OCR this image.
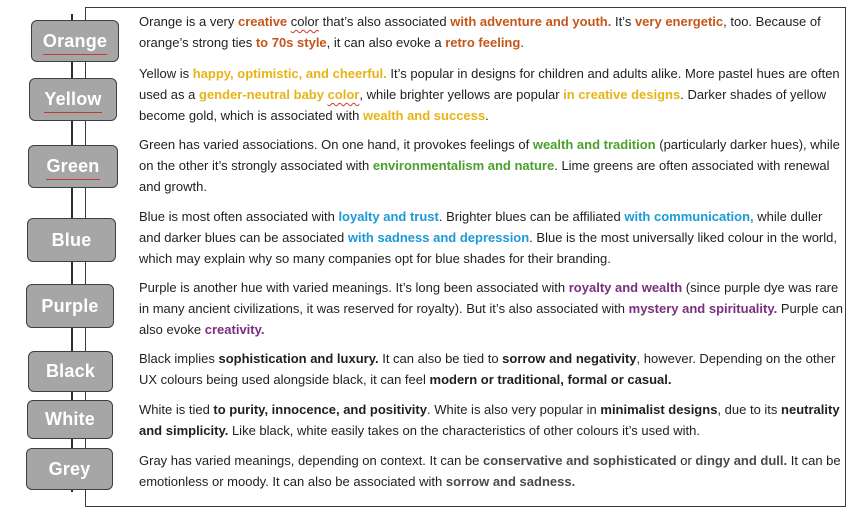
Orange
Yellow
Green
Blue
Purple
Black
White
Grey
Orange is a very creative color that’s also associated with adventure and youth. It’s very energetic, too. Because of orange’s strong ties to 70s style, it can also evoke a retro feeling.
Yellow is happy, optimistic, and cheerful. It’s popular in designs for children and adults alike. More pastel hues are often used as a gender-neutral baby color, while brighter yellows are popular in creative designs. Darker shades of yellow become gold, which is associated with wealth and success.
Green has varied associations. On one hand, it provokes feelings of wealth and tradition (particularly darker hues), while on the other it’s strongly associated with environmentalism and nature. Lime greens are often associated with renewal and growth.
Blue is most often associated with loyalty and trust. Brighter blues can be affiliated with communication, while duller and darker blues can be associated with sadness and depression. Blue is the most universally liked colour in the world, which may explain why so many companies opt for blue shades for their branding.
Purple is another hue with varied meanings. It’s long been associated with royalty and wealth (since purple dye was rare in many ancient civilizations, it was reserved for royalty). But it’s also associated with mystery and spirituality. Purple can also evoke creativity.
Black implies sophistication and luxury. It can also be tied to sorrow and negativity, however. Depending on the other UX colours being used alongside black, it can feel modern or traditional, formal or casual.
White is tied to purity, innocence, and positivity. White is also very popular in minimalist designs, due to its neutrality and simplicity. Like black, white easily takes on the characteristics of other colours it’s used with.
Gray has varied meanings, depending on context. It can be conservative and sophisticated or dingy and dull. It can be emotionless or moody. It can also be associated with sorrow and sadness.
